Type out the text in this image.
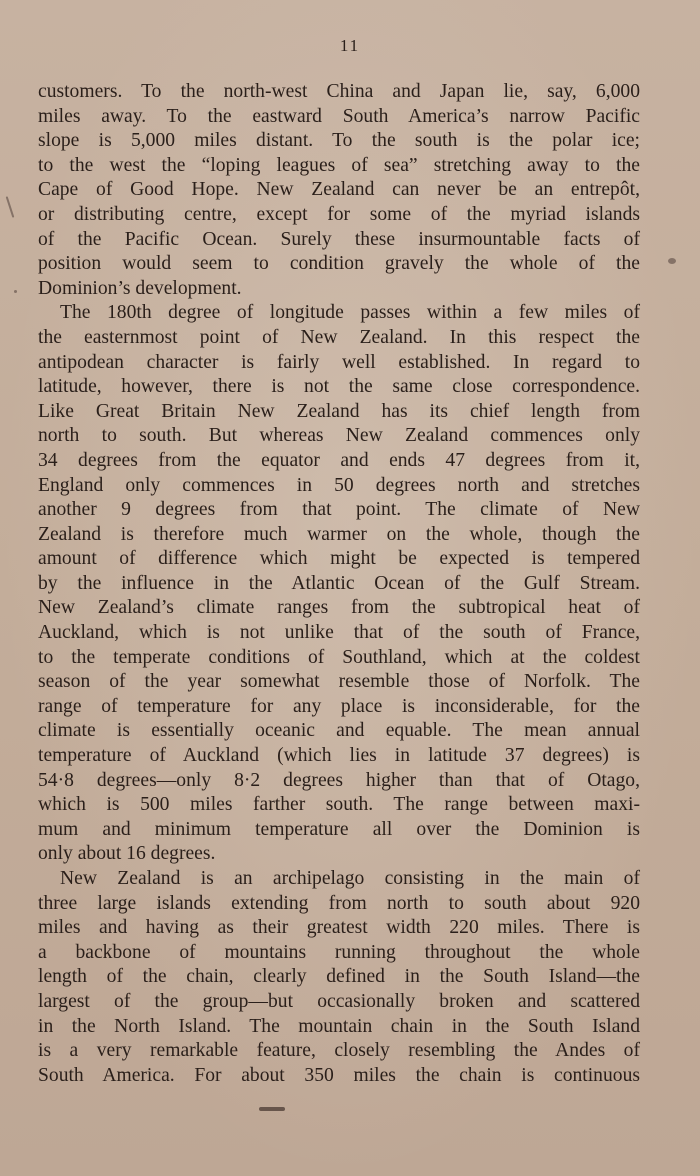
11
customers. To the north-west China and Japan lie, say, 6,000
miles away. To the eastward South America’s narrow Pacific
slope is 5,000 miles distant. To the south is the polar ice;
to the west the “loping leagues of sea” stretching away to the
Cape of Good Hope. New Zealand can never be an entrepôt,
or distributing centre, except for some of the myriad islands
of the Pacific Ocean. Surely these insurmountable facts of
position would seem to condition gravely the whole of the
Dominion’s development.
The 180th degree of longitude passes within a few miles of
the easternmost point of New Zealand. In this respect the
antipodean character is fairly well established. In regard to
latitude, however, there is not the same close correspondence.
Like Great Britain New Zealand has its chief length from
north to south. But whereas New Zealand commences only
34 degrees from the equator and ends 47 degrees from it,
England only commences in 50 degrees north and stretches
another 9 degrees from that point. The climate of New
Zealand is therefore much warmer on the whole, though the
amount of difference which might be expected is tempered
by the influence in the Atlantic Ocean of the Gulf Stream.
New Zealand’s climate ranges from the subtropical heat of
Auckland, which is not unlike that of the south of France,
to the temperate conditions of Southland, which at the coldest
season of the year somewhat resemble those of Norfolk. The
range of temperature for any place is inconsiderable, for the
climate is essentially oceanic and equable. The mean annual
temperature of Auckland (which lies in latitude 37 degrees) is
54·8 degrees—only 8·2 degrees higher than that of Otago,
which is 500 miles farther south. The range between maxi-
mum and minimum temperature all over the Dominion is
only about 16 degrees.
New Zealand is an archipelago consisting in the main of
three large islands extending from north to south about 920
miles and having as their greatest width 220 miles. There is
a backbone of mountains running throughout the whole
length of the chain, clearly defined in the South Island—the
largest of the group—but occasionally broken and scattered
in the North Island. The mountain chain in the South Island
is a very remarkable feature, closely resembling the Andes of
South America. For about 350 miles the chain is continuous
